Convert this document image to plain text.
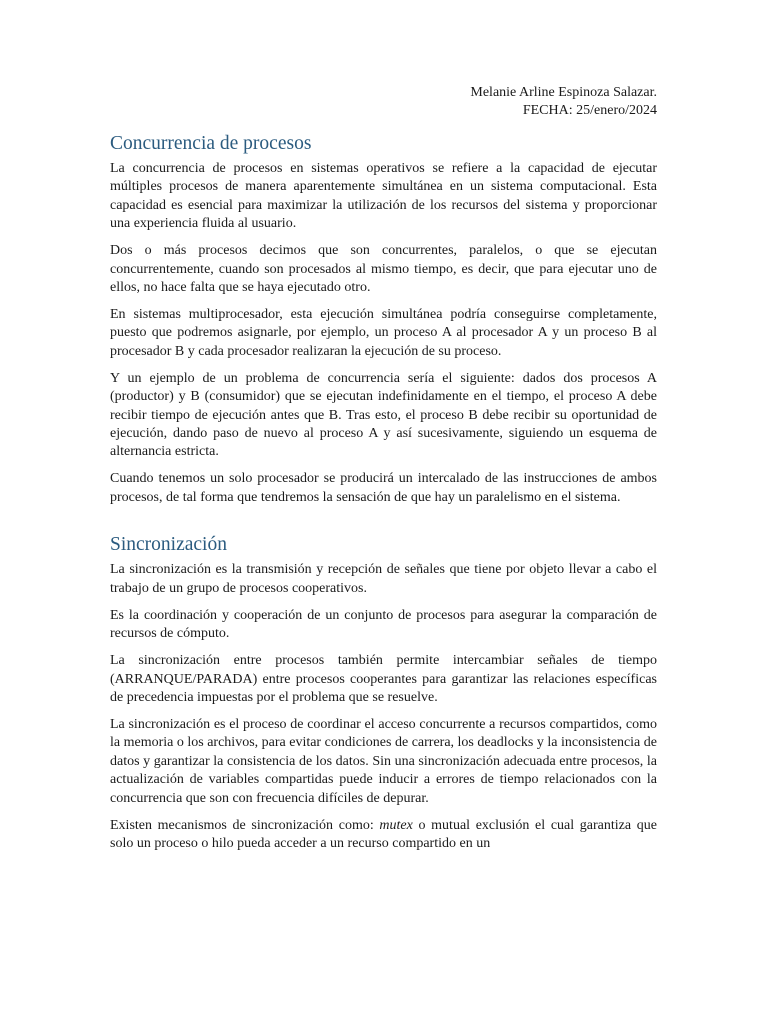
Melanie Arline Espinoza Salazar.
FECHA: 25/enero/2024
Concurrencia de procesos

La concurrencia de procesos en sistemas operativos se refiere a la capacidad de ejecutar múltiples procesos de manera aparentemente simultánea en un sistema computacional. Esta capacidad es esencial para maximizar la utilización de los recursos del sistema y proporcionar una experiencia fluida al usuario.

Dos o más procesos decimos que son concurrentes, paralelos, o que se ejecutan concurrentemente, cuando son procesados al mismo tiempo, es decir, que para ejecutar uno de ellos, no hace falta que se haya ejecutado otro.

En sistemas multiprocesador, esta ejecución simultánea podría conseguirse completamente, puesto que podremos asignarle, por ejemplo, un proceso A al procesador A y un proceso B al procesador B y cada procesador realizaran la ejecución de su proceso.

Y un ejemplo de un problema de concurrencia sería el siguiente: dados dos procesos A (productor) y B (consumidor) que se ejecutan indefinidamente en el tiempo, el proceso A debe recibir tiempo de ejecución antes que B. Tras esto, el proceso B debe recibir su oportunidad de ejecución, dando paso de nuevo al proceso A y así sucesivamente, siguiendo un esquema de alternancia estricta.

Cuando tenemos un solo procesador se producirá un intercalado de las instrucciones de ambos procesos, de tal forma que tendremos la sensación de que hay un paralelismo en el sistema.

Sincronización

La sincronización es la transmisión y recepción de señales que tiene por objeto llevar a cabo el trabajo de un grupo de procesos cooperativos.

Es la coordinación y cooperación de un conjunto de procesos para asegurar la comparación de recursos de cómputo.

La sincronización entre procesos también permite intercambiar señales de tiempo (ARRANQUE/PARADA) entre procesos cooperantes para garantizar las relaciones específicas de precedencia impuestas por el problema que se resuelve.

La sincronización es el proceso de coordinar el acceso concurrente a recursos compartidos, como la memoria o los archivos, para evitar condiciones de carrera, los deadlocks y la inconsistencia de datos y garantizar la consistencia de los datos. Sin una sincronización adecuada entre procesos, la actualización de variables compartidas puede inducir a errores de tiempo relacionados con la concurrencia que son con frecuencia difíciles de depurar.

Existen mecanismos de sincronización como: mutex o mutual exclusión el cual garantiza que solo un proceso o hilo pueda acceder a un recurso compartido en un
